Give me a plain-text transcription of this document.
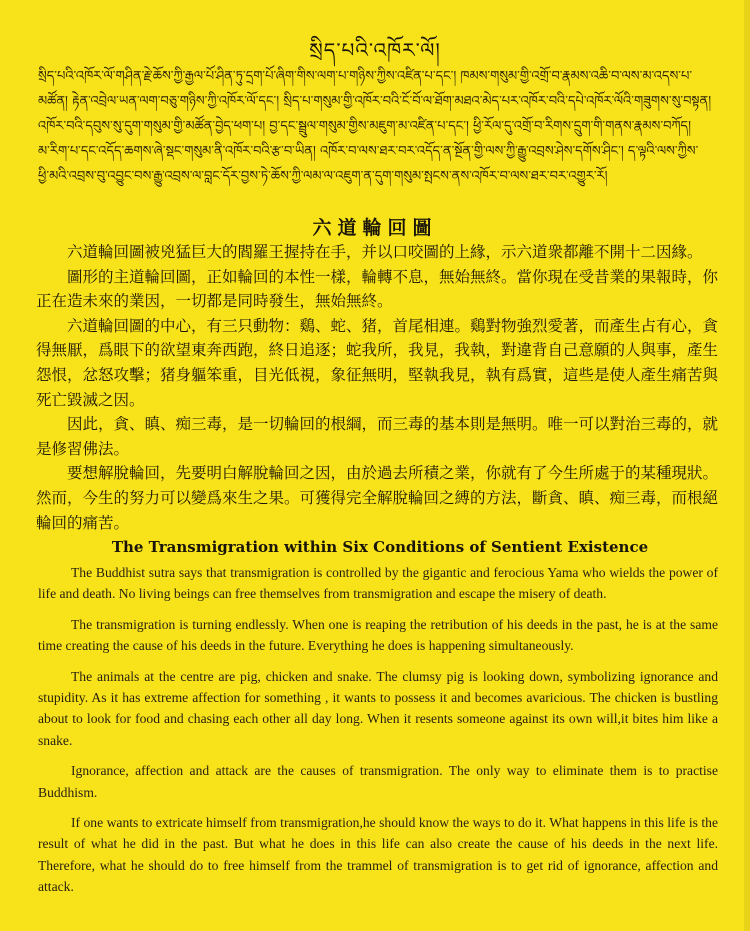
སྲིད་པའི་འཁོར་ལོ།
སྲིད་པའི་འཁོར་ལོ་གཤིན་རྗེ་ཆོས་ཀྱི་རྒྱལ་པོ་ཤིན་ཏུ་དྲག་པོ་ཞིག་གིས་ལག་པ་གཉིས་ཀྱིས་འཛིན་པ་དང་། ཁམས་གསུམ་གྱི་འགྲོ་བ་རྣམས་འཆི་བ་ལས་མ་འདས་པ་
མཚོན། རྟེན་འབྲེལ་ཡན་ལག་བཅུ་གཉིས་ཀྱི་འཁོར་ལོ་དང་། སྲིད་པ་གསུམ་གྱི་འཁོར་བའི་ངོ་བོ་ལ་ཐོག་མཐའ་མེད་པར་འཁོར་བའི་དཔེ་འཁོར་ལོའི་གཟུགས་སུ་བསྟན།
འཁོར་བའི་དབུས་སུ་དུག་གསུམ་གྱི་མཚོན་བྱེད་ཕག་པ། བྱ་དང་སྦྲུལ་གསུམ་གྱིས་མཇུག་མ་འཛིན་པ་དང་། ཕྱི་རོལ་དུ་འགྲོ་བ་རིགས་དྲུག་གི་གནས་རྣམས་བཀོད།
མ་རིག་པ་དང་འདོད་ཆགས་ཞེ་སྡང་གསུམ་ནི་འཁོར་བའི་རྩ་བ་ཡིན། འཁོར་བ་ལས་ཐར་བར་འདོད་ན་སྔོན་གྱི་ལས་ཀྱི་རྒྱུ་འབྲས་ཤེས་དགོས་ཤིང་། ད་ལྟའི་ལས་ཀྱིས་
ཕྱི་མའི་འབྲས་བུ་འབྱུང་བས་རྒྱུ་འབྲས་ལ་བླང་དོར་བྱས་ཏེ་ཆོས་ཀྱི་ལམ་ལ་འཇུག་ན་དུག་གསུམ་སྤངས་ནས་འཁོར་བ་ལས་ཐར་བར་འགྱུར་རོ།
六道輪回圖

六道輪回圖被兇猛巨大的閻羅王握持在手，并以口咬圖的上緣，示六道衆都離不開十二因緣。

圖形的主道輪回圖，正如輪回的本性一樣，輪轉不息，無始無終。當你現在受昔業的果報時，你正在造未來的業因，一切都是同時發生，無始無終。

六道輪回圖的中心，有三只動物：鷄、蛇、猪，首尾相連。鷄對物強烈愛著，而產生占有心，貪得無厭，爲眼下的欲望東奔西跑，終日追逐；蛇我所，我見，我執，對違背自己意願的人與事，產生怨恨，忿怒攻擊；猪身軀笨重，目光低視，象征無明，堅執我見，執有爲實，這些是使人產生痛苦與死亡毀滅之因。

因此，貪、瞋、痴三毒，是一切輪回的根綱，而三毒的基本則是無明。唯一可以對治三毒的，就是修習佛法。

要想解脫輪回，先要明白解脫輪回之因，由於過去所積之業，你就有了今生所處于的某種現狀。然而，今生的努力可以變爲來生之果。可獲得完全解脫輪回之縛的方法，斷貪、瞋、痴三毒，而根絕輪回的痛苦。

The Transmigration within Six Conditions of Sentient Existence

The Buddhist sutra says that transmigration is controlled by the gigantic and ferocious Yama who wields the power of life and death. No living beings can free themselves from transmigration and escape the misery of death.

The transmigration is turning endlessly. When one is reaping the retribution of his deeds in the past, he is at the same time creating the cause of his deeds in the future. Everything he does is happening simultaneously.

The animals at the centre are pig, chicken and snake. The clumsy pig is looking down, symbolizing ignorance and stupidity. As it has extreme affection for something , it wants to possess it and becomes avaricious. The chicken is bustling about to look for food and chasing each other all day long. When it resents someone against its own will,it bites him like a snake.

Ignorance, affection and attack are the causes of transmigration. The only way to eliminate them is to practise Buddhism.

If one wants to extricate himself from transmigration,he should know the ways to do it. What happens in this life is the result of what he did in the past. But what he does in this life can also create the cause of his deeds in the next life. Therefore, what he should do to free himself from the trammel of transmigration is to get rid of ignorance, affection and attack.
